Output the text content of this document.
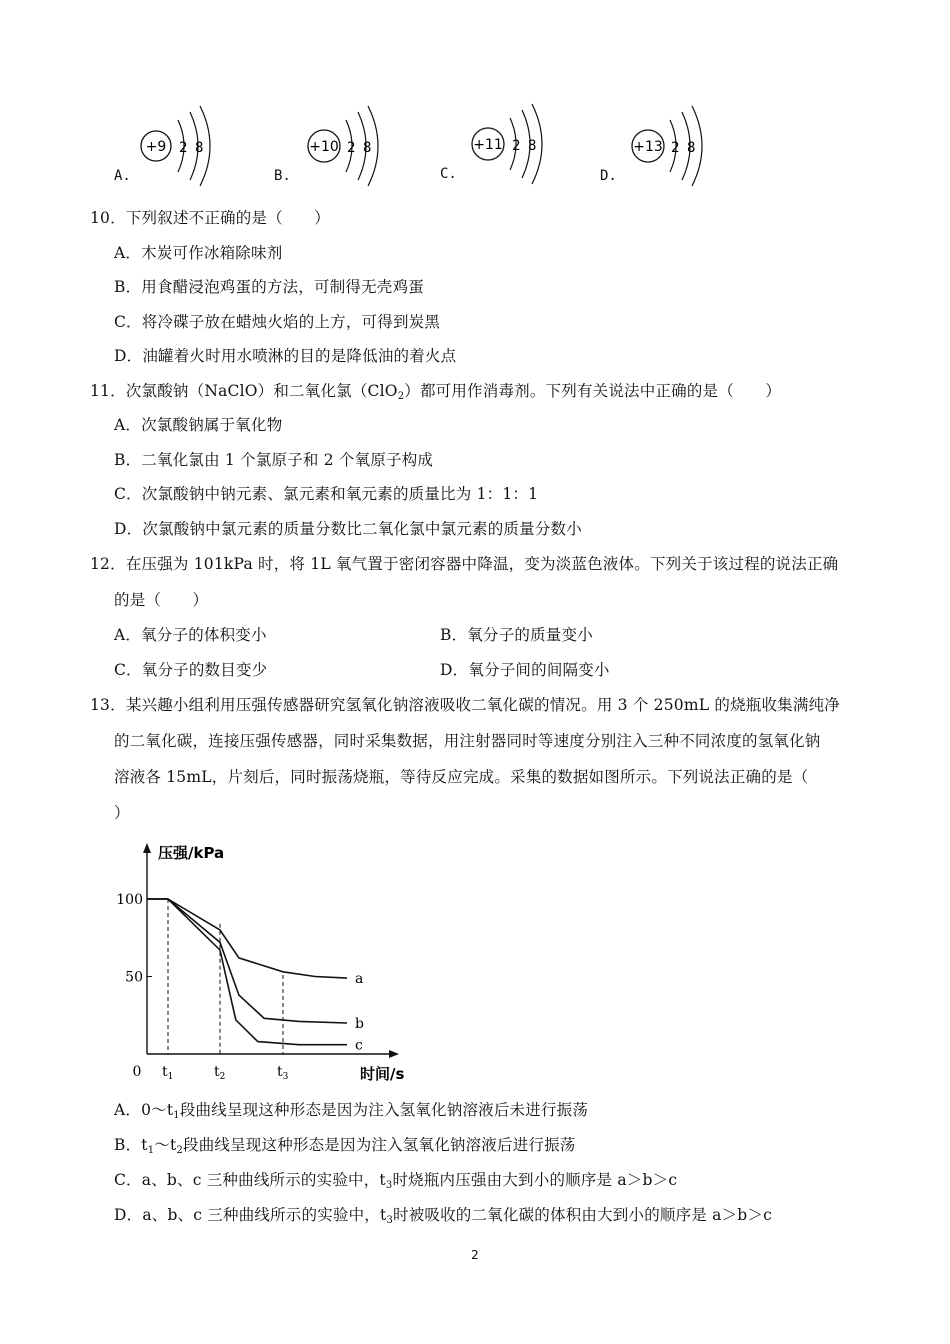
A.
+9 2 8
B.
+10 2 8
C.
+11 2 8
D.
+13 2 8
10．下列叙述不正确的是（　　）
A．木炭可作冰箱除味剂
B．用食醋浸泡鸡蛋的方法，可制得无壳鸡蛋
C．将冷碟子放在蜡烛火焰的上方，可得到炭黑
D．油罐着火时用水喷淋的目的是降低油的着火点
11．次氯酸钠（NaClO）和二氧化氯（ClO$_2$）都可用作消毒剂。下列有关说法中正确的是（　　）
A．次氯酸钠属于氧化物
B．二氧化氯由 1 个氯原子和 2 个氧原子构成
C．次氯酸钠中钠元素、氯元素和氧元素的质量比为 1：1：1
D．次氯酸钠中氯元素的质量分数比二氧化氯中氯元素的质量分数小
12．在压强为 101kPa 时，将 1L 氧气置于密闭容器中降温，变为淡蓝色液体。下列关于该过程的说法正确
的是（　　）
A．氧分子的体积变小	B．氧分子的质量变小
C．氧分子的数目变少	D．氧分子间的间隔变小
13．某兴趣小组利用压强传感器研究氢氧化钠溶液吸收二氧化碳的情况。用 3 个 250mL 的烧瓶收集满纯净
的二氧化碳，连接压强传感器，同时采集数据，用注射器同时等速度分别注入三种不同浓度的氢氧化钠
溶液各 15mL，片刻后，同时振荡烧瓶，等待反应完成。采集的数据如图所示。下列说法正确的是（
）
压强/kPa
时间/s
100
50
0 $t_1$	$t_2$	$t_3$
a
b
c
A．$0\sim t_1$段曲线呈现这种形态是因为注入氢氧化钠溶液后未进行振荡
B．$t_1\sim t_2$段曲线呈现这种形态是因为注入氢氧化钠溶液后进行振荡
C．a、b、c 三种曲线所示的实验中，$t_3$时烧瓶内压强由大到小的顺序是 a＞b＞c
D．a、b、c 三种曲线所示的实验中，$t_3$时被吸收的二氧化碳的体积由大到小的顺序是 a＞b＞c
2
